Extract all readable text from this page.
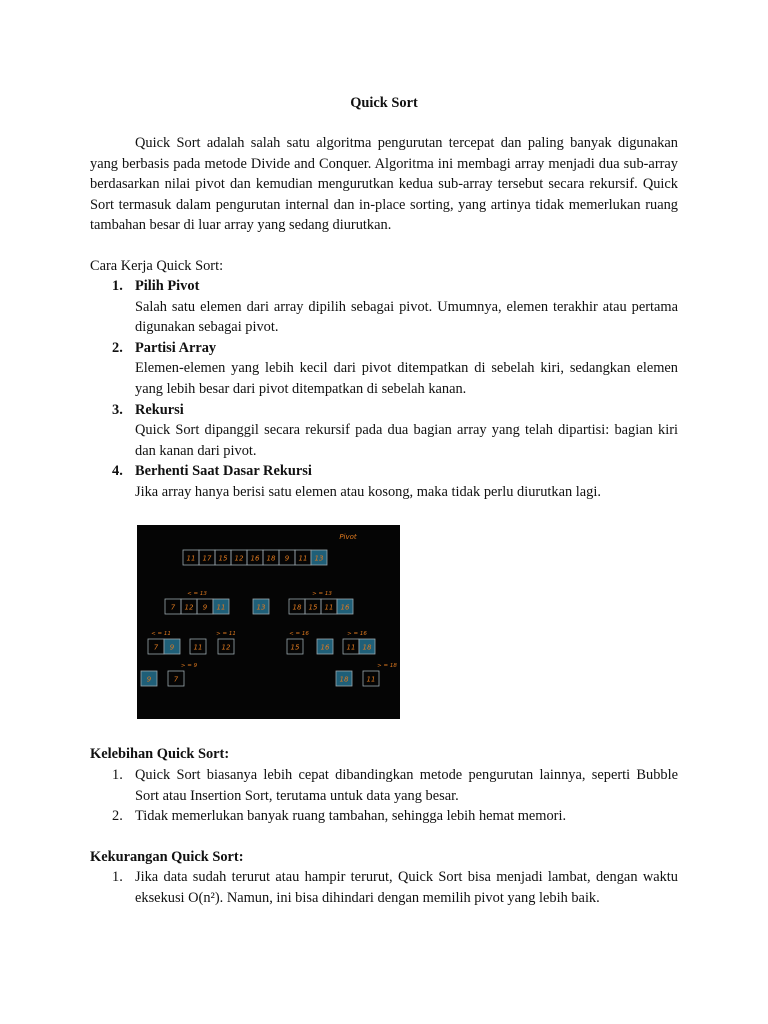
Quick Sort

Quick Sort adalah salah satu algoritma pengurutan tercepat dan paling banyak digunakan yang berbasis pada metode Divide and Conquer. Algoritma ini membagi array menjadi dua sub-array berdasarkan nilai pivot dan kemudian mengurutkan kedua sub-array tersebut secara rekursif. Quick Sort termasuk dalam pengurutan internal dan in-place sorting, yang artinya tidak memerlukan ruang tambahan besar di luar array yang sedang diurutkan.

Cara Kerja Quick Sort:
1. Pilih Pivot
Salah satu elemen dari array dipilih sebagai pivot. Umumnya, elemen terakhir atau pertama digunakan sebagai pivot.
2. Partisi Array
Elemen-elemen yang lebih kecil dari pivot ditempatkan di sebelah kiri, sedangkan elemen yang lebih besar dari pivot ditempatkan di sebelah kanan.
3. Rekursi
Quick Sort dipanggil secara rekursif pada dua bagian array yang telah dipartisi: bagian kiri dan kanan dari pivot.
4. Berhenti Saat Dasar Rekursi
Jika array hanya berisi satu elemen atau kosong, maka tidak perlu diurutkan lagi.
11 17 15 12 16 18 9 11 13
7 12 9 11	13	18 15 11 16
7 9	11	12	15	16 11 18
9	7	18	11
Pivot
< = 13	> = 13
< = 11	> = 11	< = 16	> = 16
> = 9	> = 18
Kelebihan Quick Sort:
1. Quick Sort biasanya lebih cepat dibandingkan metode pengurutan lainnya, seperti Bubble Sort atau Insertion Sort, terutama untuk data yang besar.
2. Tidak memerlukan banyak ruang tambahan, sehingga lebih hemat memori.
Kekurangan Quick Sort:
1. Jika data sudah terurut atau hampir terurut, Quick Sort bisa menjadi lambat, dengan waktu eksekusi O(n²). Namun, ini bisa dihindari dengan memilih pivot yang lebih baik.
